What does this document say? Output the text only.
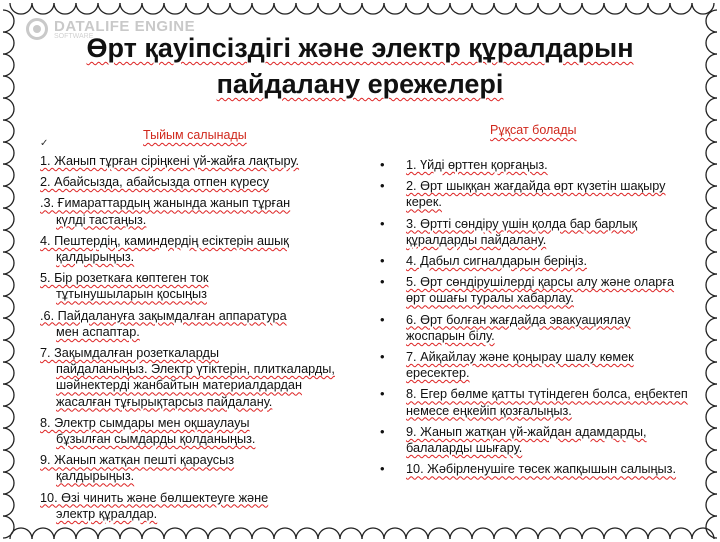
DATALIFE ENGINE
SOFTWARE
Өрт қауіпсіздігі және электр құралдарын
пайдалану ережелері
Тыйым салынады
✓
1. Жанып тұрған сіріңкені үй-жайға лақтыру.
2. Абайсызда, абайсызда отпен күресу
.3. Ғимараттардың жанында жанып тұрған
күлді тастаңыз.
4. Пештердің, каминдердің есіктерін ашық
қалдырыңыз.
5. Бір розеткаға көптеген ток
тұтынушыларын қосыңыз
.6. Пайдалануға зақымдалған аппаратура
мен аспаптар.
7. Зақымдалған розеткаларды
пайдаланыңыз. Электр үтіктерін, плиткаларды, шәйнектерді жанбайтын материалдардан жасалған тұғырықтарсыз пайдалану.
8. Электр сымдары мен оқшаулауы
бұзылған сымдарды қолданыңыз.
9. Жанып жатқан пешті қараусыз
қалдырыңыз.
10. Өзі чинить және бөлшектеуге және
электр құралдар.
Рұқсат болады
• 1. Үйді өрттен қорғаңыз.
• 2. Өрт шыққан жағдайда өрт күзетін шақыру керек.
• 3. Өртті сөндіру үшін қолда бар барлық құралдарды пайдалану.
• 4. Дабыл сигналдарын беріңіз.
• 5. Өрт сөндірушілерді қарсы алу және оларға өрт ошағы туралы хабарлау.
• 6. Өрт болған жағдайда эвакуациялау жоспарын білу.
• 7. Айқайлау және қоңырау шалу көмек ересектер.
• 8. Егер бөлме қатты түтіндеген болса, еңбектеп немесе еңкейіп қозғалыңыз.
• 9. Жанып жатқан үй-жайдан адамдарды, балаларды шығару.
• 10. Жәбірленушіге төсек жапқышын салыңыз.
